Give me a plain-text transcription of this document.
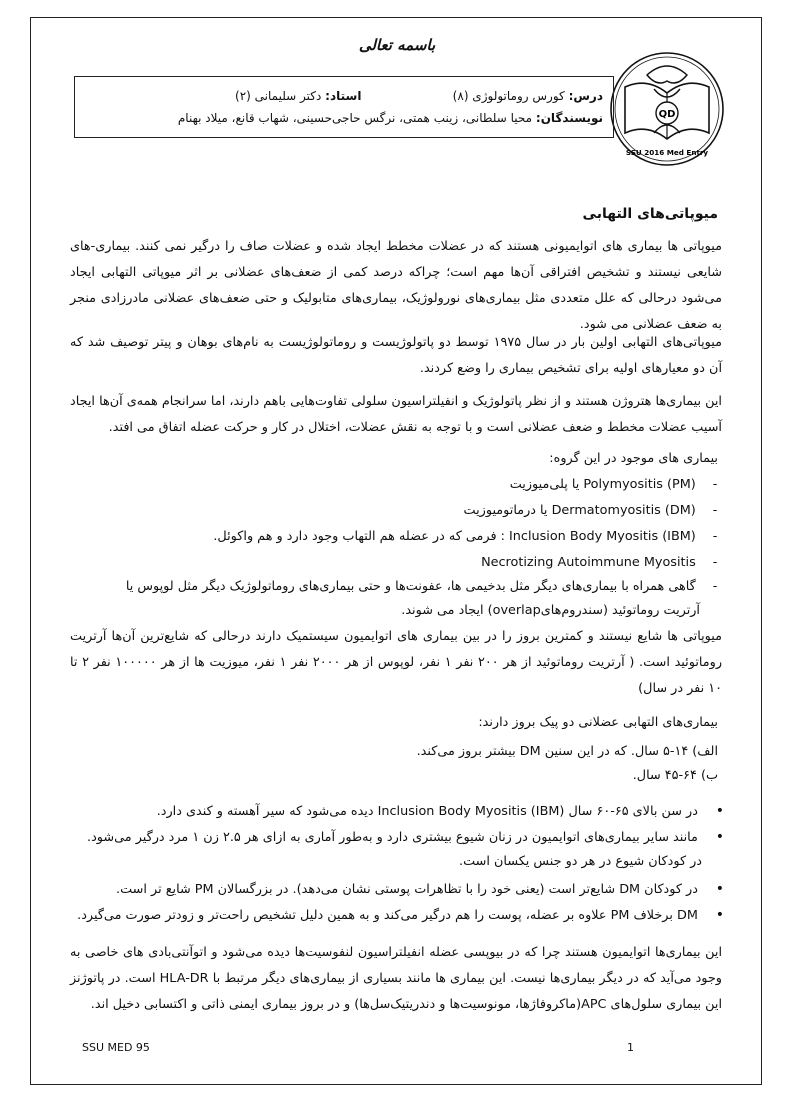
باسمه تعالی
QD
SSU 2016 Med Entry
درس: کورس روماتولوژی (۸)
استاد: دکتر سلیمانی (۲)
نویسندگان:

محیا سلطانی، زینب همتی، نرگس حاجی‌حسینی، شهاب قانع، میلاد بهنام
میوپاتی‌های التهابی
میوپاتی ها بیماری های اتوایمیونی هستند که در عضلات مخطط ایجاد شده و عضلات صاف را درگیر نمی کنند. بیماری‌-های شایعی نیستند و تشخیص افتراقی آن‌ها مهم است؛ چراکه درصد کمی از ضعف‌های عضلانی بر اثر میوپاتی التهابی ایجاد می‌شود درحالی که علل متعددی مثل بیماری‌های نورولوژیک، بیماری‌های متابولیک و حتی ضعف‌های عضلانی مادرزادی منجر به ضعف عضلانی می شود.
میوپاتی‌های التهابی اولین بار در سال ۱۹۷۵ توسط دو پاتولوژیست و روماتولوژیست به نام‌های بوهان و پیتر توصیف شد که آن دو معیارهای اولیه برای تشخیص بیماری را وضع کردند.
این بیماری‌ها هتروژن هستند و از نظر پاتولوژیک و انفیلتراسیون سلولی تفاوت‌هایی باهم دارند، اما سرانجام همه‌ی آن‌ها ایجاد آسیب عضلات مخطط و ضعف عضلانی است و با توجه به نقش عضلات، اختلال در کار و حرکت عضله اتفاق می افتد.
بیماری های موجود در این گروه:
-   Polymyositis (PM) یا پلی‌میوزیت
-   Dermatomyositis (DM) یا درماتومیوزیت
-   Inclusion Body Myositis (IBM) : فرمی که در عضله هم التهاب وجود دارد و هم واکوئل.
-   Necrotizing Autoimmune Myositis
-   گاهی همراه با بیماری‌های دیگر مثل بدخیمی ها، عفونت‌ها و حتی بیماری‌های روماتولوژیک دیگر مثل لوپوس یا
آرتریت روماتوئید (سندروم‌هایoverlap) ایجاد می شوند.
میوپاتی ها شایع نیستند و کمترین بروز را در بین بیماری های اتوایمیون سیستمیک دارند درحالی که شایع‌ترین آن‌ها آرتریت روماتوئید است. ( آرتریت روماتوئید از هر ۲۰۰ نفر ۱ نفر، لوپوس از هر ۲۰۰۰ نفر ۱ نفر، میوزیت ها از هر ۱۰۰۰۰۰ نفر ۲ تا ۱۰ نفر در سال)
بیماری‌های التهابی عضلانی دو پیک بروز دارند:
الف) ۱۴-۵ سال. که در این سنین DM بیشتر بروز می‌کند.
ب) ۶۴-۴۵ سال.
• در سن بالای ۶۵-۶۰ سال Inclusion Body Myositis (IBM) دیده می‌شود که سیر آهسته و کندی دارد.
• مانند سایر بیماری‌های اتوایمیون در زنان شیوع بیشتری دارد و به‌طور آماری به ازای هر ۲.۵ زن ۱ مرد درگیر می‌شود.
در کودکان شیوع در هر دو جنس یکسان است.
• در کودکان DM شایع‌تر است (یعنی خود را با تظاهرات پوستی نشان می‌دهد). در بزرگسالان PM شایع تر است.
• DM برخلاف PM علاوه بر عضله، پوست را هم درگیر می‌کند و به همین دلیل تشخیص راحت‌تر و زودتر صورت می‌گیرد.
این بیماری‌ها اتوایمیون هستند چرا که در بیوپسی عضله انفیلتراسیون لنفوسیت‌ها دیده می‌شود و اتوآنتی‌بادی های خاصی به وجود می‌آید که در دیگر بیماری‌ها نیست. این بیماری ها مانند بسیاری از بیماری‌های دیگر مرتبط با HLA-DR است. در پاتوژنز این بیماری سلول‌های APC(ماکروفاژها، مونوسیت‌ها و دندریتیک‌سل‌ها) و در بروز بیماری ایمنی ذاتی و اکتسابی دخیل اند.
SSU MED 95	1
